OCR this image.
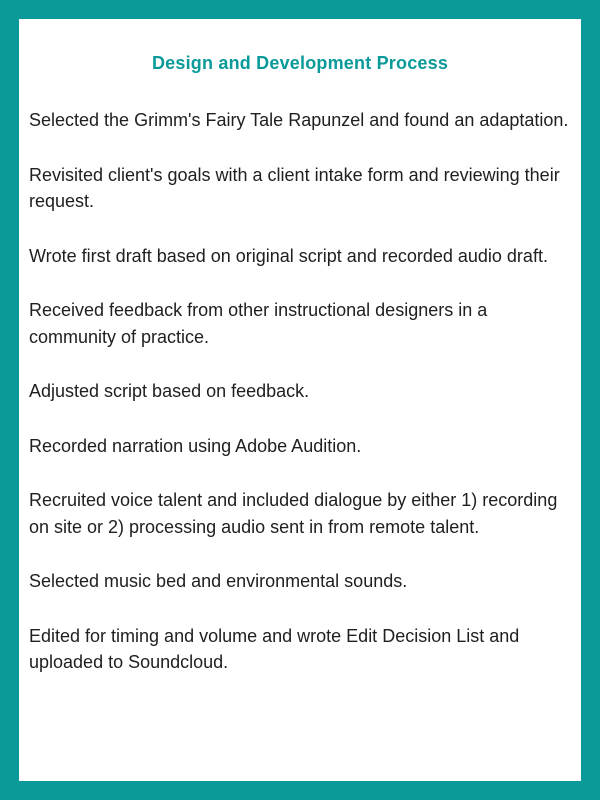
Design and Development Process
Selected the Grimm's Fairy Tale Rapunzel and found an adaptation.
Revisited client's goals with a client intake form and reviewing their request.
Wrote first draft based on original script and recorded audio draft.
Received feedback from other instructional designers in a community of practice.
Adjusted script based on feedback.
Recorded narration using Adobe Audition.
Recruited voice talent and included dialogue by either 1) recording on site or 2) processing audio sent in from remote talent.
Selected music bed and environmental sounds.
Edited for timing and volume and wrote Edit Decision List and uploaded to Soundcloud.
